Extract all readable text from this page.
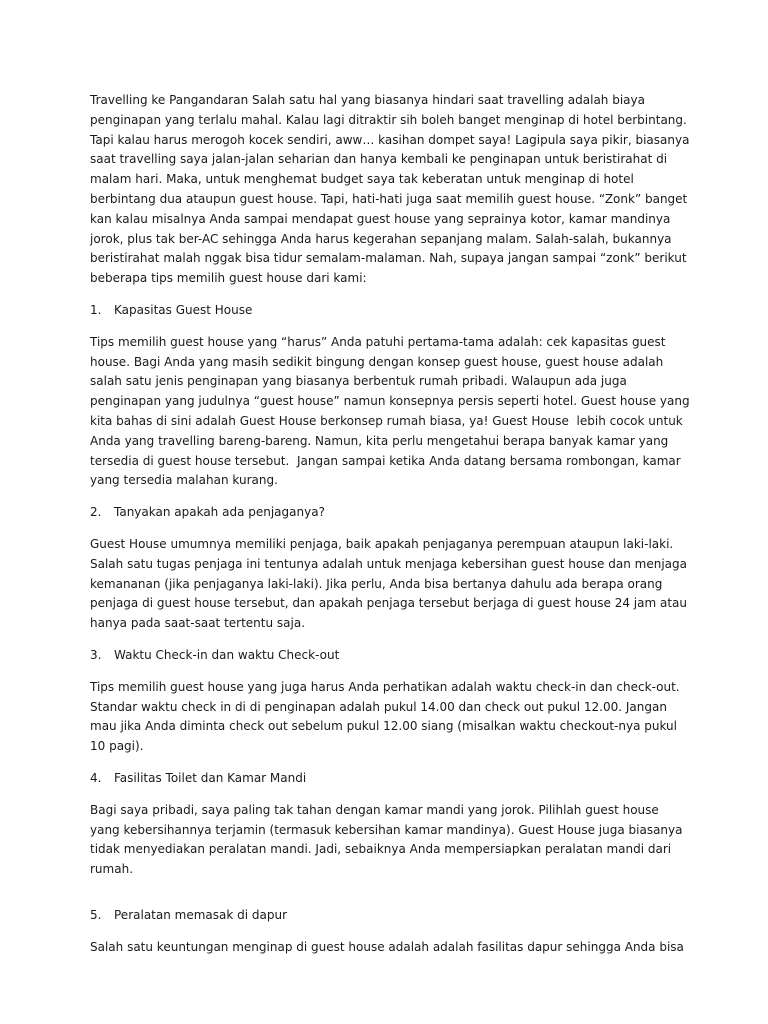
Travelling ke Pangandaran Salah satu hal yang biasanya hindari saat travelling adalah biaya penginapan yang terlalu mahal. Kalau lagi ditraktir sih boleh banget menginap di hotel berbintang. Tapi kalau harus merogoh kocek sendiri, aww… kasihan dompet saya! Lagipula saya pikir, biasanya saat travelling saya jalan-jalan seharian dan hanya kembali ke penginapan untuk beristirahat di malam hari. Maka, untuk menghemat budget saya tak keberatan untuk menginap di hotel berbintang dua ataupun guest house. Tapi, hati-hati juga saat memilih guest house. “Zonk” banget kan kalau misalnya Anda sampai mendapat guest house yang seprainya kotor, kamar mandinya jorok, plus tak ber-AC sehingga Anda harus kegerahan sepanjang malam. Salah-salah, bukannya beristirahat malah nggak bisa tidur semalam-malaman. Nah, supaya jangan sampai “zonk” berikut beberapa tips memilih guest house dari kami:

1.	Kapasitas Guest House

Tips memilih guest house yang “harus” Anda patuhi pertama-tama adalah: cek kapasitas guest house. Bagi Anda yang masih sedikit bingung dengan konsep guest house, guest house adalah salah satu jenis penginapan yang biasanya berbentuk rumah pribadi. Walaupun ada juga penginapan yang judulnya “guest house” namun konsepnya persis seperti hotel. Guest house yang kita bahas di sini adalah Guest House berkonsep rumah biasa, ya! Guest House  lebih cocok untuk Anda yang travelling bareng-bareng. Namun, kita perlu mengetahui berapa banyak kamar yang tersedia di guest house tersebut.  Jangan sampai ketika Anda datang bersama rombongan, kamar yang tersedia malahan kurang.

2.	Tanyakan apakah ada penjaganya?

Guest House umumnya memiliki penjaga, baik apakah penjaganya perempuan ataupun laki-laki. Salah satu tugas penjaga ini tentunya adalah untuk menjaga kebersihan guest house dan menjaga kemananan (jika penjaganya laki-laki). Jika perlu, Anda bisa bertanya dahulu ada berapa orang penjaga di guest house tersebut, dan apakah penjaga tersebut berjaga di guest house 24 jam atau hanya pada saat-saat tertentu saja.

3.	Waktu Check-in dan waktu Check-out

Tips memilih guest house yang juga harus Anda perhatikan adalah waktu check-in dan check-out. Standar waktu check in di di penginapan adalah pukul 14.00 dan check out pukul 12.00. Jangan mau jika Anda diminta check out sebelum pukul 12.00 siang (misalkan waktu checkout-nya pukul 10 pagi).

4.	Fasilitas Toilet dan Kamar Mandi

Bagi saya pribadi, saya paling tak tahan dengan kamar mandi yang jorok. Pilihlah guest house yang kebersihannya terjamin (termasuk kebersihan kamar mandinya). Guest House juga biasanya tidak menyediakan peralatan mandi. Jadi, sebaiknya Anda mempersiapkan peralatan mandi dari rumah.

5.	Peralatan memasak di dapur

Salah satu keuntungan menginap di guest house adalah adalah fasilitas dapur sehingga Anda bisa
